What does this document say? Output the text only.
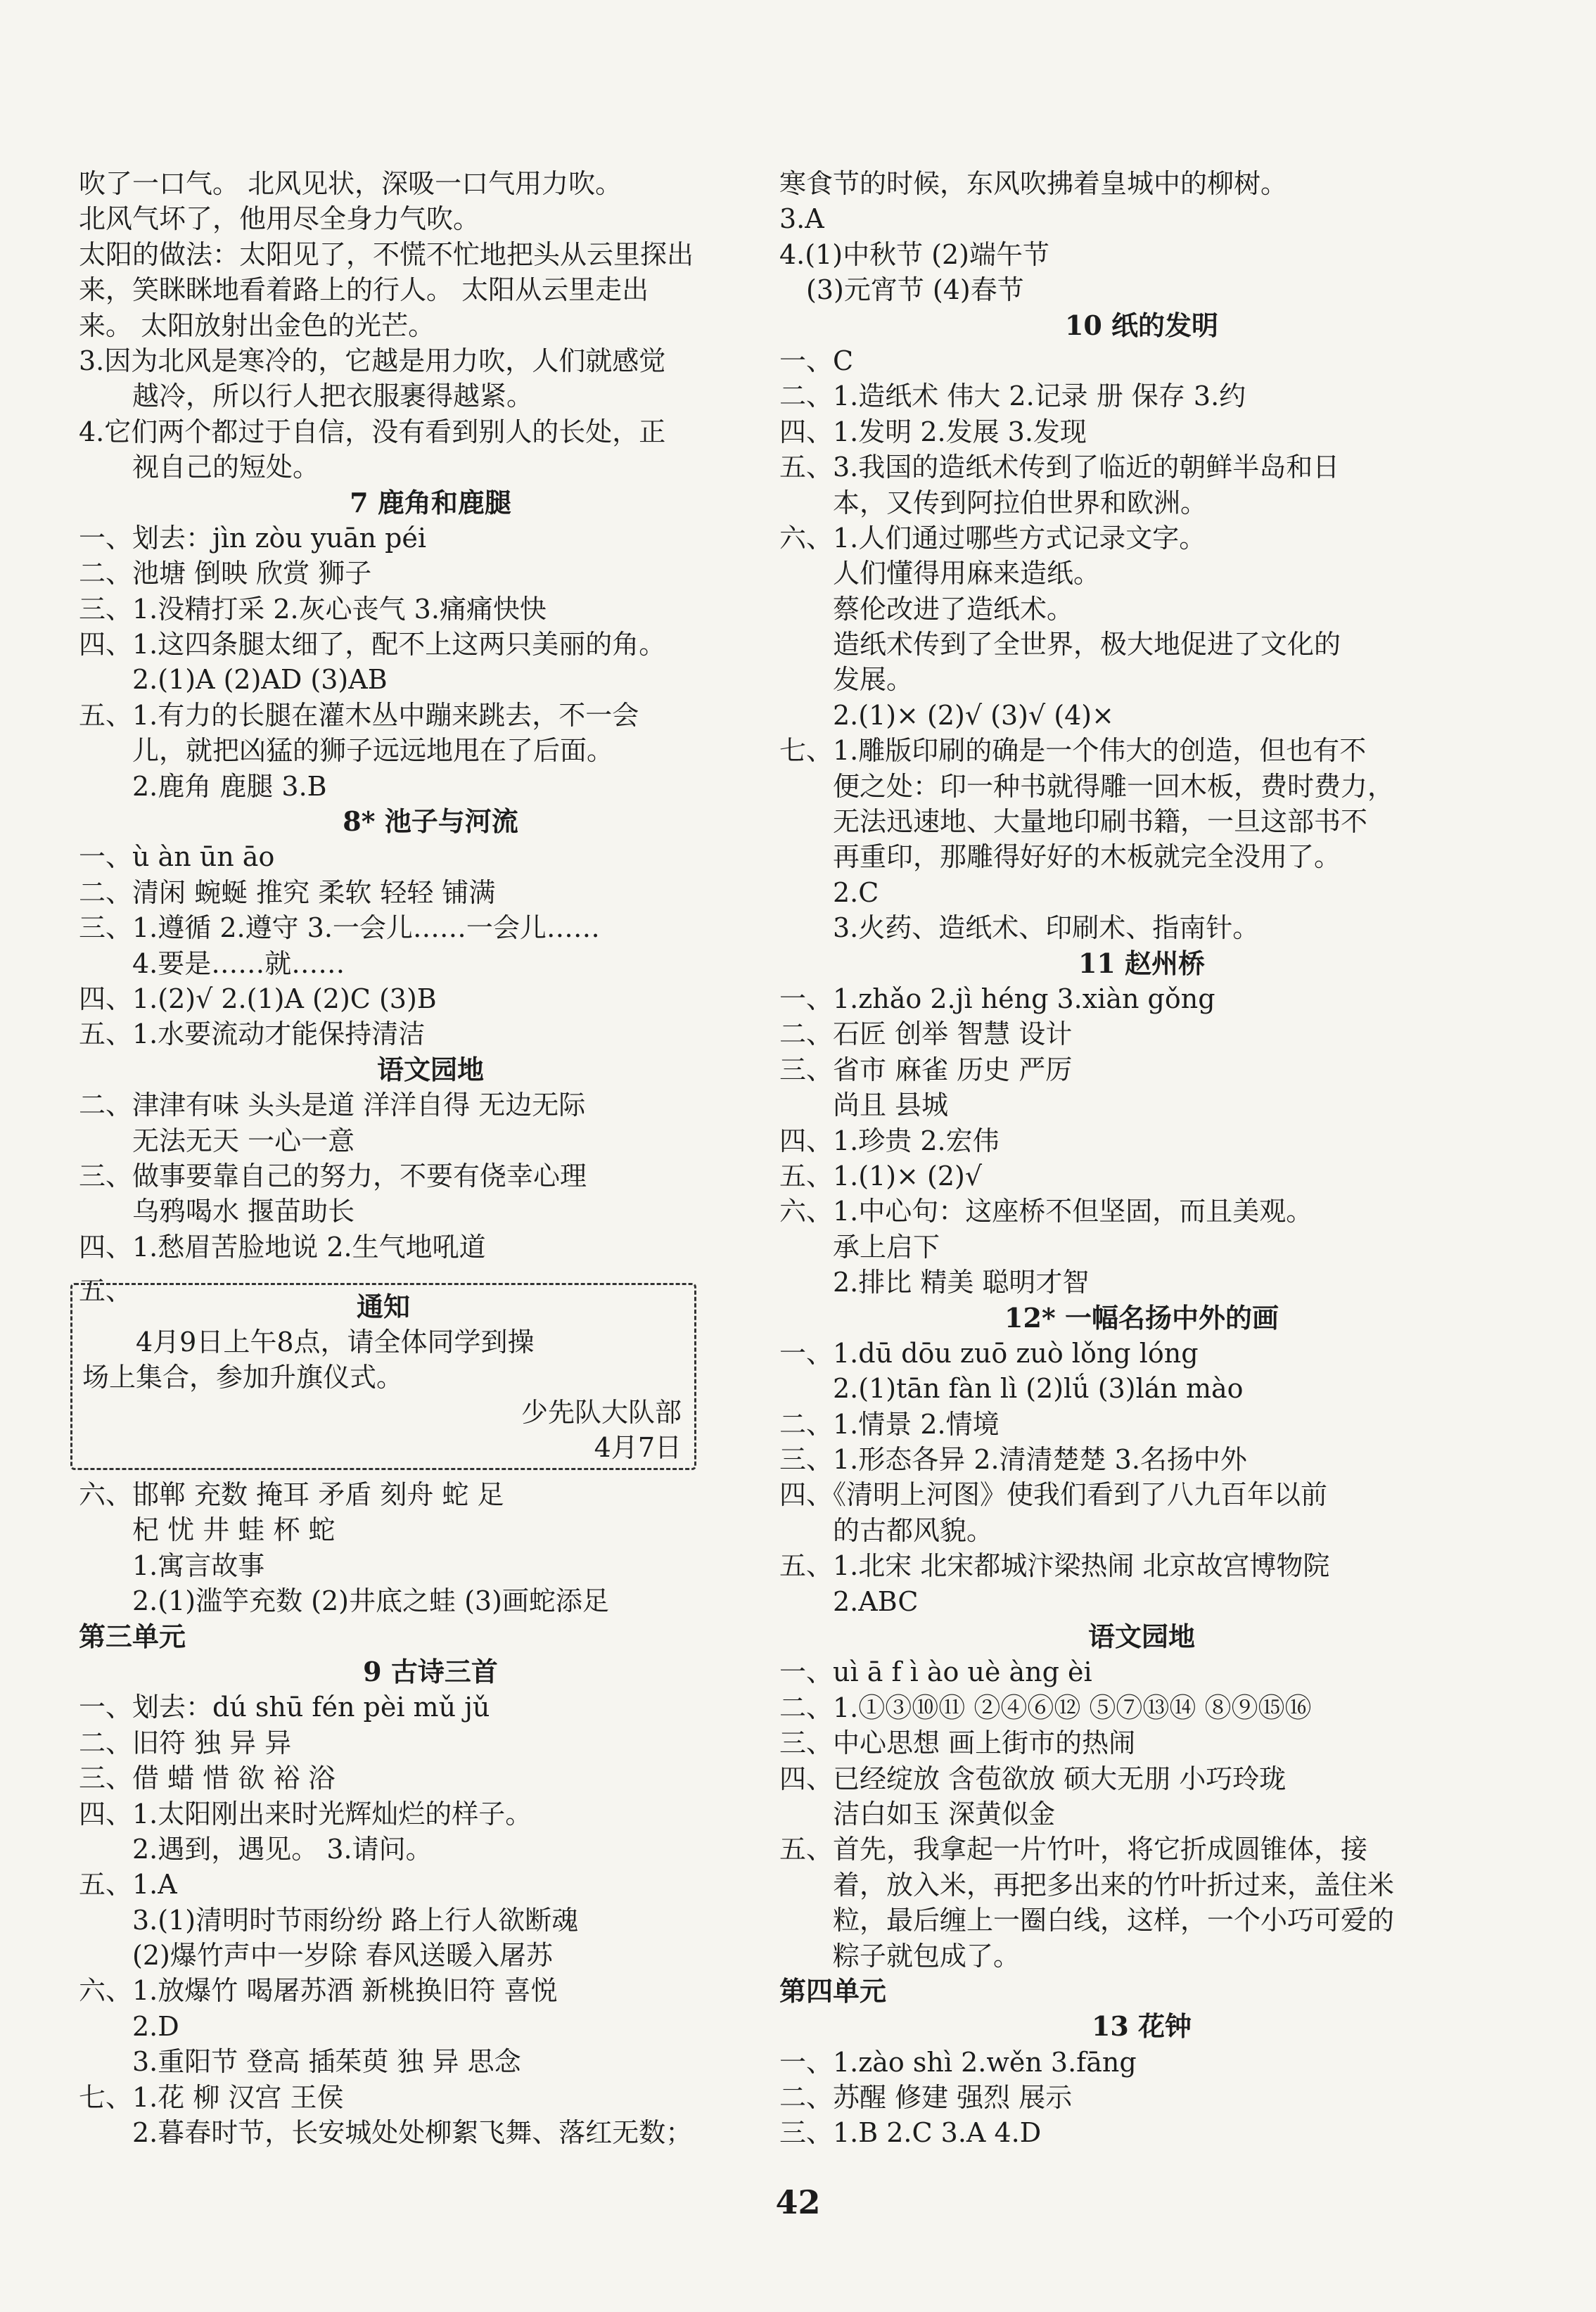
吹了一口气。 北风见状，深吸一口气用力吹。
北风气坏了，他用尽全身力气吹。
太阳的做法：太阳见了，不慌不忙地把头从云里探出
来，笑眯眯地看着路上的行人。 太阳从云里走出
来。 太阳放射出金色的光芒。
3.因为北风是寒冷的，它越是用力吹，人们就感觉
越冷，所以行人把衣服裹得越紧。
4.它们两个都过于自信，没有看到别人的长处，正
视自己的短处。
7 鹿角和鹿腿
一、划去：jìn zòu yuān péi
二、池塘 倒映 欣赏 狮子
三、1.没精打采 2.灰心丧气 3.痛痛快快
四、1.这四条腿太细了，配不上这两只美丽的角。
2.(1)A (2)AD (3)AB
五、1.有力的长腿在灌木丛中蹦来跳去，不一会
儿，就把凶猛的狮子远远地甩在了后面。
2.鹿角 鹿腿 3.B
8* 池子与河流
一、ù àn ūn āo
二、清闲 蜿蜒 推究 柔软 轻轻 铺满
三、1.遵循 2.遵守 3.一会儿……一会儿……
4.要是……就……
四、1.(2)√ 2.(1)A (2)C (3)B
五、1.水要流动才能保持清洁
语文园地
二、津津有味 头头是道 洋洋自得 无边无际
无法无天 一心一意
三、做事要靠自己的努力，不要有侥幸心理
乌鸦喝水 揠苗助长
四、1.愁眉苦脸地说 2.生气地吼道
五、	通知
4月9日上午8点，请全体同学到操
场上集合，参加升旗仪式。
少先队大队部
4月7日
六、邯郸 充数 掩耳 矛盾 刻舟 蛇 足
杞 忧 井 蛙 杯 蛇
1.寓言故事
2.(1)滥竽充数 (2)井底之蛙 (3)画蛇添足
第三单元
9 古诗三首
一、划去：dú shū fén pèi mǔ jǔ
二、旧符 独 异 异
三、借 蜡 惜 欲 裕 浴
四、1.太阳刚出来时光辉灿烂的样子。
2.遇到，遇见。 3.请问。
五、1.A
3.(1)清明时节雨纷纷 路上行人欲断魂
(2)爆竹声中一岁除 春风送暖入屠苏
六、1.放爆竹 喝屠苏酒 新桃换旧符 喜悦
2.D
3.重阳节 登高 插茱萸 独 异 思念
七、1.花 柳 汉宫 王侯
2.暮春时节，长安城处处柳絮飞舞、落红无数；
寒食节的时候，东风吹拂着皇城中的柳树。
3.A
4.(1)中秋节 (2)端午节
(3)元宵节 (4)春节
10 纸的发明
一、C
二、1.造纸术 伟大 2.记录 册 保存 3.约
四、1.发明 2.发展 3.发现
五、3.我国的造纸术传到了临近的朝鲜半岛和日
本，又传到阿拉伯世界和欧洲。
六、1.人们通过哪些方式记录文字。
人们懂得用麻来造纸。
蔡伦改进了造纸术。
造纸术传到了全世界，极大地促进了文化的
发展。
2.(1)× (2)√ (3)√ (4)×
七、1.雕版印刷的确是一个伟大的创造，但也有不
便之处：印一种书就得雕一回木板，费时费力，
无法迅速地、大量地印刷书籍，一旦这部书不
再重印，那雕得好好的木板就完全没用了。
2.C
3.火药、造纸术、印刷术、指南针。
11 赵州桥
一、1.zhǎo 2.jì héng 3.xiàn gǒng
二、石匠 创举 智慧 设计
三、省市 麻雀 历史 严厉
尚且 县城
四、1.珍贵 2.宏伟
五、1.(1)× (2)√
六、1.中心句：这座桥不但坚固，而且美观。
承上启下
2.排比 精美 聪明才智
12* 一幅名扬中外的画
一、1.dū dōu zuō zuò lǒng lóng
2.(1)tān fàn lì (2)lǘ (3)lán mào
二、1.情景 2.情境
三、1.形态各异 2.清清楚楚 3.名扬中外
四、《清明上河图》使我们看到了八九百年以前
的古都风貌。
五、1.北宋 北宋都城汴梁热闹 北京故宫博物院
2.ABC
语文园地
一、uì ā f ì ào uè àng èi
二、1.①③⑩⑪ ②④⑥⑫ ⑤⑦⑬⑭ ⑧⑨⑮⑯
三、中心思想 画上街市的热闹
四、已经绽放 含苞欲放 硕大无朋 小巧玲珑
洁白如玉 深黄似金
五、首先，我拿起一片竹叶，将它折成圆锥体，接
着，放入米，再把多出来的竹叶折过来，盖住米
粒，最后缠上一圈白线，这样，一个小巧可爱的
粽子就包成了。
第四单元
13 花钟
一、1.zào shì 2.wěn 3.fāng
二、苏醒 修建 强烈 展示
三、1.B 2.C 3.A 4.D
42
